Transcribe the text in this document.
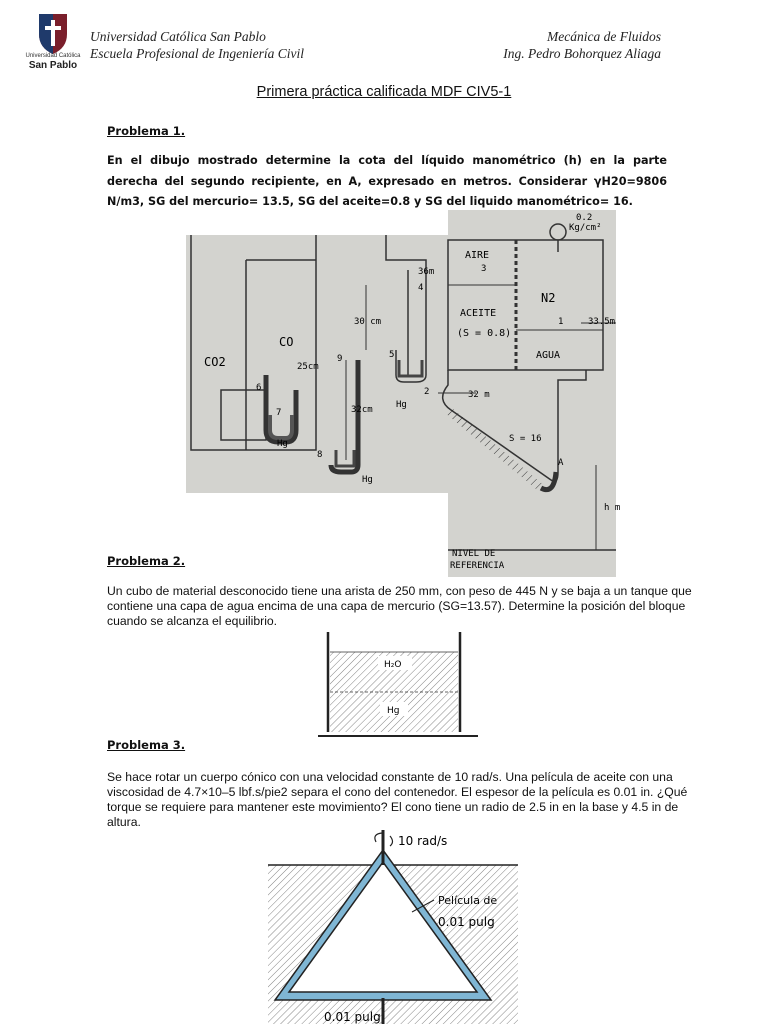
Universidad Católica
San Pablo
Universidad Católica San Pablo
Escuela Profesional de Ingeniería Civil
Mecánica de Fluidos
Ing. Pedro Bohorquez Aliaga
Primera práctica calificada MDF CIV5-1
Problema 1.
En el dibujo mostrado determine la cota del líquido manométrico (h) en la parte derecha del segundo recipiente, en A, expresado en metros. Considerar γH20=9806 N/m3, SG del mercurio= 13.5, SG del aceite=0.8 y SG del liquido manométrico= 16.
0.2
Kg/cm²
AIRE
N2
ACEITE
(S = 0.8)
AGUA
CO
CO2
36m
33.5m
32 m
30 cm
25cm
32cm
S = 16
Hg
Hg
Hg
A
h m
NIVEL DE
REFERENCIA
1
2
3
4
5
6
7
8
9
Problema 2.
Un cubo de material desconocido tiene una arista de 250 mm, con peso de 445 N y se baja a un tanque que contiene una capa de agua encima de una capa de mercurio (SG=13.57). Determine la posición del bloque cuando se alcanza el equilibrio.
H₂O
Hg
Problema 3.
Se hace rotar un cuerpo cónico con una velocidad constante de 10 rad/s. Una película de aceite con una viscosidad de 4.7×10–5 lbf.s/pie2 separa el cono del contenedor. El espesor de la película es 0.01 in. ¿Qué torque se requiere para mantener este movimiento? El cono tiene un radio de 2.5 in en la base y 4.5 in de altura.
10 rad/s
Película de
0.01 pulg
0.01 pulg
